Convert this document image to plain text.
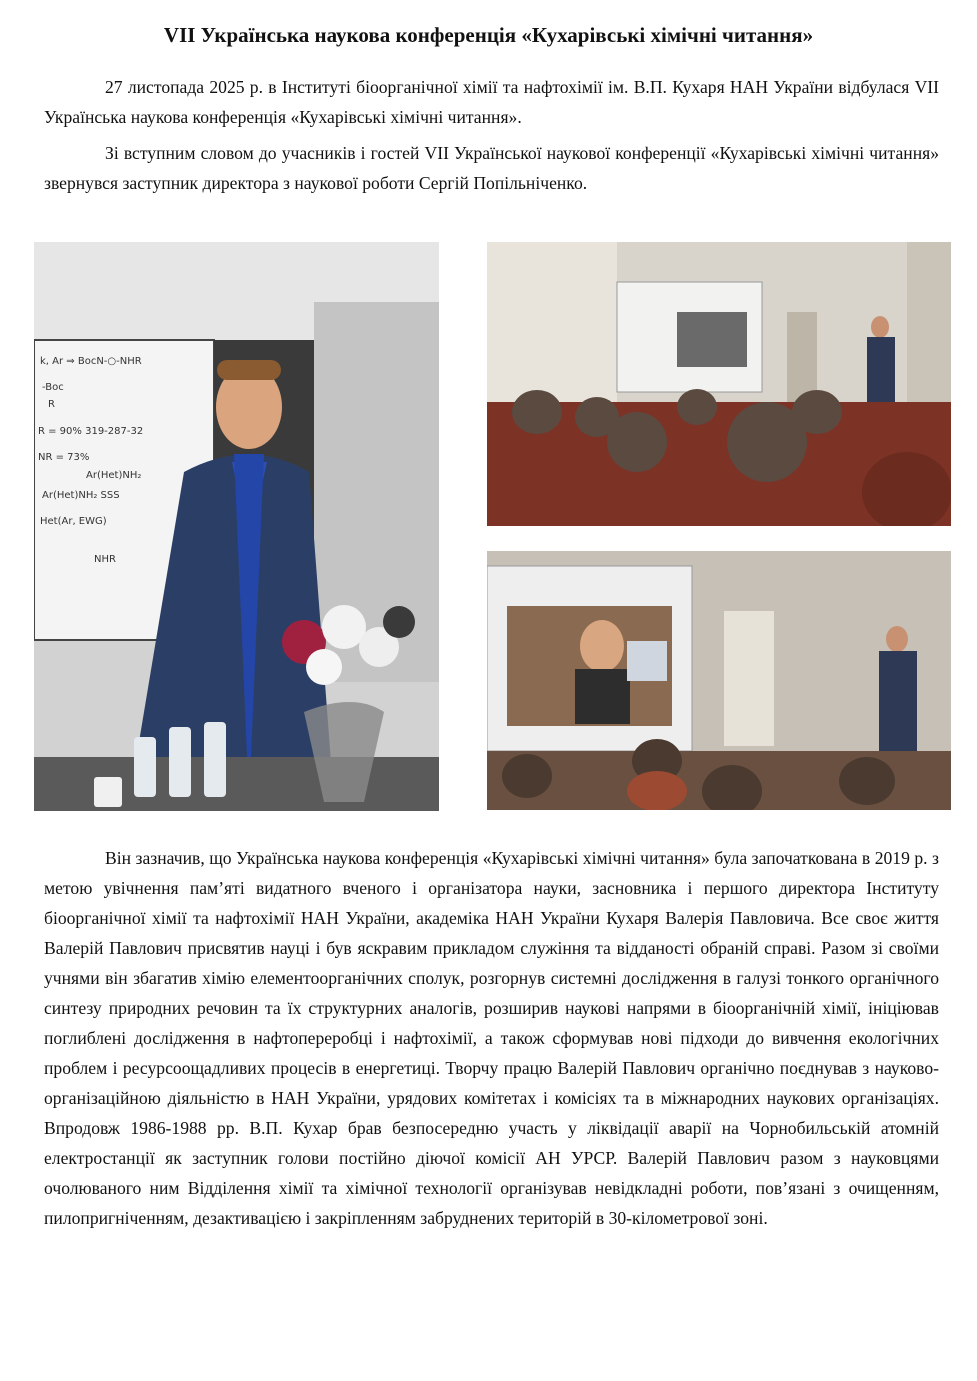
VII Українська наукова конференція «Кухарівські хімічні читання»

27 листопада 2025 р. в Інституті біоорганічної хімії та нафтохімії ім. В.П. Кухаря НАН України відбулася VII Українська наукова конференція «Кухарівські хімічні читання».

Зі вступним словом до учасників і гостей VII Української наукової конференції «Кухарівські хімічні читання» звернувся заступник директора з наукової роботи Сергій Попільніченко.

k, Ar ⇒ BocN-○-NHR
-Boc
R
R = 90% 319-287-32
NR = 73%
Ar(Het)NH₂
Ar(Het)NH₂ SSS
Het(Ar, EWG)
NHR

Він зазначив, що Українська наукова конференція «Кухарівські хімічні читання» була започаткована в 2019 р. з метою увічнення пам’яті видатного вченого і організатора науки, засновника і першого директора Інституту біоорганічної хімії та нафтохімії НАН України, академіка НАН України Кухаря Валерія Павловича. Все своє життя Валерій Павлович присвятив науці і був яскравим прикладом служіння та відданості обраній справі. Разом зі своїми учнями він збагатив хімію елементоорганічних сполук, розгорнув системні дослідження в галузі тонкого органічного синтезу природних речовин та їх структурних аналогів, розширив наукові напрями в біоорганічній хімії, ініціював поглиблені дослідження в нафтопереробці і нафтохімії, а також сформував нові підходи до вивчення екологічних проблем і ресурсоощадливих процесів в енергетиці. Творчу працю Валерій Павлович органічно поєднував з науково-організаційною діяльністю в НАН України, урядових комітетах і комісіях та в міжнародних наукових організаціях. Впродовж 1986-1988 рр. В.П. Кухар брав безпосередню участь у ліквідації аварії на Чорнобильській атомній електростанції як заступник голови постійно діючої комісії АН УРСР. Валерій Павлович разом з науковцями очолюваного ним Відділення хімії та хімічної технології організував невідкладні роботи, пов’язані з очищенням, пилопригніченням, дезактивацією і закріпленням забруднених територій в 30-кілометрової зоні.
